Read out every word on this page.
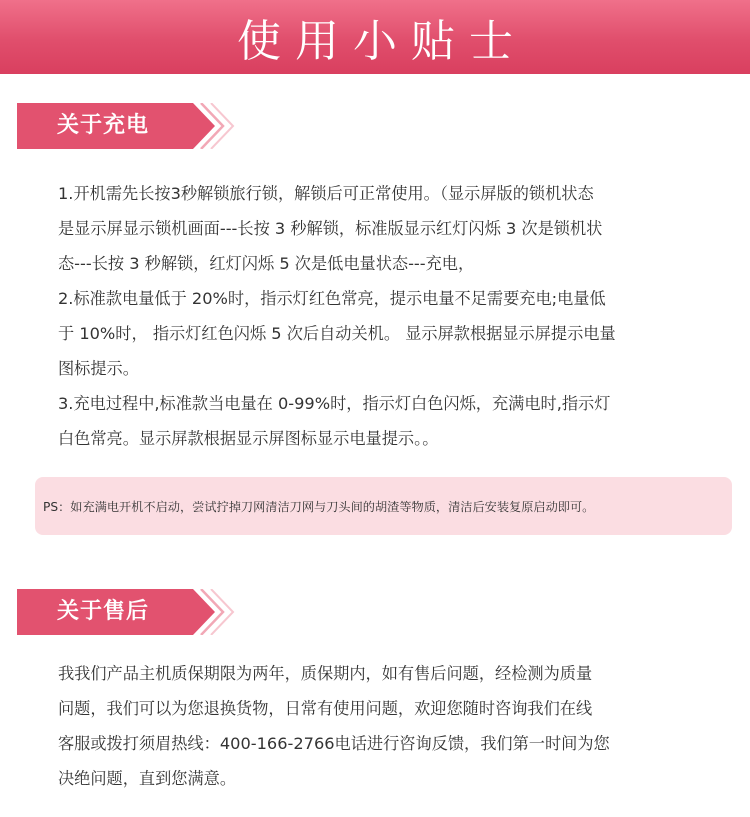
使用小贴士
关于充电

1.开机需先长按3秒解锁旅行锁，解锁后可正常使用。（显示屏版的锁机状态

是显示屏显示锁机画面---长按 3 秒解锁，标准版显示红灯闪烁 3 次是锁机状

态---长按 3 秒解锁，红灯闪烁 5 次是低电量状态---充电，

2.标准款电量低于 20%时，指示灯红色常亮，提示电量不足需要充电;电量低

于 10%时， 指示灯红色闪烁 5 次后自动关机。 显示屏款根据显示屏提示电量

图标提示。

3.充电过程中,标准款当电量在 0-99%时，指示灯白色闪烁，充满电时,指示灯

白色常亮。显示屏款根据显示屏图标显示电量提示。。

PS：如充满电开机不启动，尝试拧掉刀网清洁刀网与刀头间的胡渣等物质，清洁后安装复原启动即可。
关于售后

我我们产品主机质保期限为两年，质保期内，如有售后问题，经检测为质量

问题，我们可以为您退换货物，日常有使用问题，欢迎您随时咨询我们在线

客服或拨打须眉热线：400-166-2766电话进行咨询反馈，我们第一时间为您

决绝问题，直到您满意。
